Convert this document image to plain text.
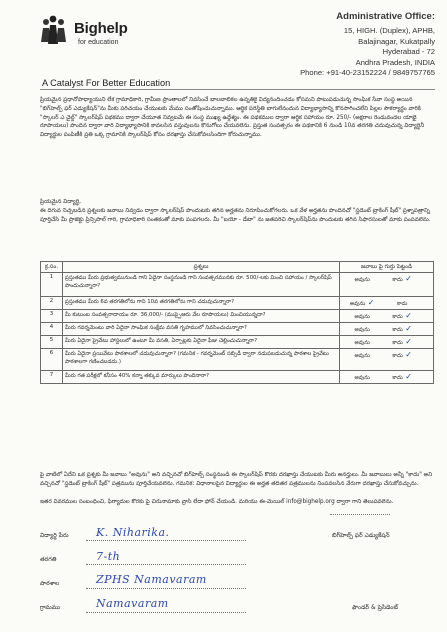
Bighelp
for education
A Catalyst For Better Education
Administrative Office:
15, HIGH. (Duplex), APHB,
Balajinagar, Kukatpally
Hyderabad - 72
Andhra Pradesh, INDIA
Phone: +91-40-23152224 / 9849757765

ప్రియమైన ప్రధానోపాధ్యాయుని లేక గ్రామాధికారి, గ్రామీణ ప్రాంతాలలో నివసించే బాలబాలికల ఉన్నతికై విద్యనందించడం కోసమని పాటుపడుచున్న సాంఘిక సేవా సంస్థ అయిన "బిగ్‌హెల్ప్ ఫర్ ఎడ్యుకేషన్"ను మీకు పరిచయం చేయుటకు మేము సంతోషించుచున్నాము. ఆర్థిక పరిస్థితి బాగులేనందున విద్యాభ్యాసాన్ని కొనసాగించలేని పిల్లల సౌకర్యార్థం వారికి "స్కాలర్ ఎ చైల్డ్" స్కాలర్‌షిప్ పథకము ద్వారా చేయూత నివ్వటమే ఈ సంస్థ ముఖ్య ఉద్దేశ్యం. ఈ పథకముల ద్వారా ఆర్థిక సహాయం రూ. 250/- (అక్షరాల రెండువందల యాభై రూపాయలు) పొందిన ద్వారా వారి విద్యాభ్యాసానికి కావలసిన వస్తువులను కొనుగోలు చేయవలెను. ప్రస్తుత సంవత్సరం ఈ పథకానికి 6 నుండి 10వ తరగతి చదువుచున్న విద్యార్థినీ విద్యార్థుల పంపిణీకి ప్రతి ఒక్క గ్రామానికి స్కాలర్‌షిప్ కోసం దరఖాస్తు చేసుకోవలసిందిగా కోరుచున్నాము.

ప్రియమైన విద్యార్థి,

ఈ దిగువ నిచ్చబడిన ప్రశ్నలకు జవాబు నివ్వడం ద్వారా స్కాలర్‌షిప్ పొందుటకు తగిన అర్హతను నిరూపించుకోగలరు. ఒక వేళ అర్హతను పొందినచో "స్టడెంట్ ట్రాకింగ్ షీట్" ప్రశ్నాపత్రాన్ని పూర్తిచేసి మీ ప్రాజెక్టు ప్రిన్సిపాల్ గారి, గ్రామాధికారి సంతకంతో మాకు పంపగలరు. మీ "బయో - డేటా" ను జతపరిచి స్కాలర్‌షిప్‌ను పొందుటకు తగిన సిఫారసులతో మాకు పంపవలెను.

క్ర.సం.	ప్రశ్నలు	జవాబు పై గుర్తు పెట్టండి
1	ప్రస్తుతము మీరు ప్రభుత్వమునుండి గాని ఏదైనా సంస్థనుండి గాని సంవత్సరమునకు రూ. 500/-లకు మించి సహాయం / స్కాలర్‌షిప్ పొందుచున్నారా?	అవును కాదు ✓
2	ప్రస్తుతము మీరు 6వ తరగతిలోను గాని 10వ తరగతిలోను గాని చదువుచున్నారా?	అవును ✓ కాదు
3	మీ కుటుంబ సంవత్సరాదాయం రూ. 36,000/- (ముప్పైఆరు వేల రూపాయలు) మించియున్నదా?	అవును కాదు ✓
4	మీరు గవర్నమెంటు వారి ఏదైనా సాంఘిక సంక్షేమ వసతి గృహములో నివసించుచున్నారా?	అవును కాదు ✓
5	మీరు ఏదైనా ప్రైవేటు హాస్టలులో ఉంటూ మీ వసతి, ఏర్పాట్లకు ఏదైనా ఫీజు చెల్లించుచున్నారా?	అవును కాదు ✓
6	మీరు ఏదైనా ప్రయివేటు పాఠశాలలో చదువుచున్నారా? (గమనిక - గవర్నమెంట్ సబ్సిడీ ద్వారా నడుపబడుచున్న పాఠశాల ప్రైవేటు పాఠశాలగా గణించబడదు.)	అవును కాదు ✓
7	మీరు గత పరీక్షలో కనీసం 40% కన్నా తక్కువ మార్కులు పొందినారా?	అవును కాదు ✓

పై వాటిలో ఏదేని ఒక ప్రశ్నకు మీ జవాబు "అవును" అని వచ్చినచో బిగ్‌హెల్ప్ సంస్థనుండి ఈ స్కాలర్‌షిప్ కొరకు దరఖాస్తు చేయుటకు మీరు అనర్హులు. మీ జవాబులు అన్నీ "కాదు" అని వచ్చినచో "స్టడెంట్ ట్రాకింగ్ షీట్" పత్రమును పూర్తిచేయవలెను. గమనిక: విధానాలపైన విద్యార్థుల ఈ అర్హత తదితర పత్రములను నింపవలసిన వేరుగా దరఖాస్తు చేసుకోవచ్చును.

ఇతర వివరముల సంబంధించి, ఫిర్యాదుల కొరకు పై చిరునామాకు వ్రాసి లేదా ఫోన్ చేయండి. మరియు ఈ-మెయిల్ info@bighelp.org ద్వారా గాని తెలుపవలెను.

విద్యార్థి పేరు K. Niharika.
తరగతి	7-th
పాఠశాల	ZPHS Namavaram
గ్రామము	Namavaram
బిగ్‌హెల్ప్ ఫర్ ఎడ్యుకేషన్
ఫౌండర్ & ప్రెసిడెంట్
